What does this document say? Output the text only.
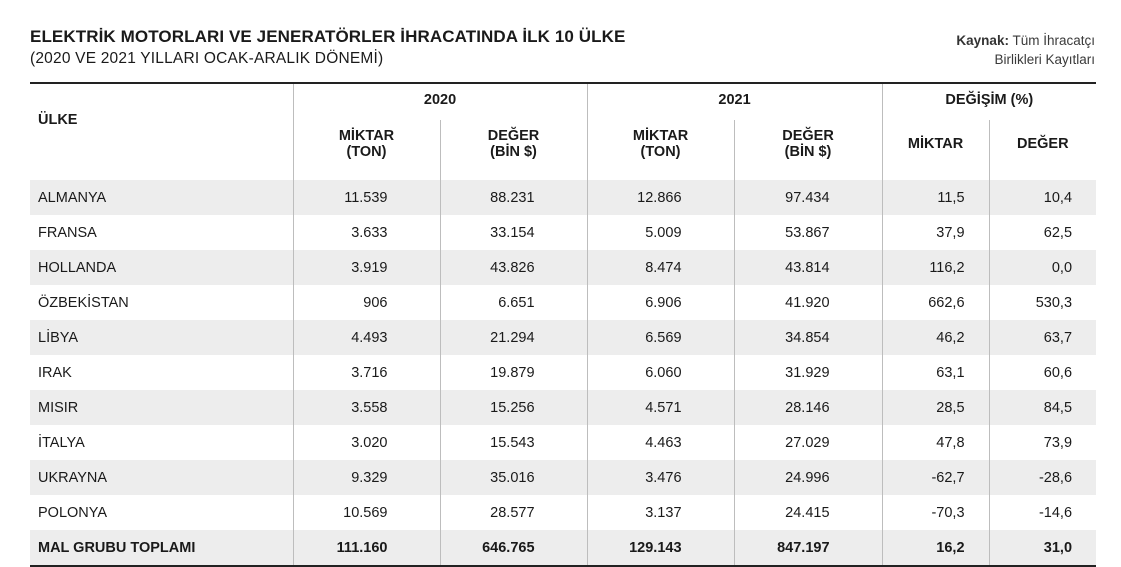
ELEKTRİK MOTORLARI VE JENERATÖRLER İHRACATINDA İLK 10 ÜLKE
(2020 VE 2021 YILLARI OCAK-ARALIK DÖNEMİ)
Kaynak: Tüm İhracatçı
Birlikleri Kayıtları
ÜLKE	2020		2021		DEĞİŞİM (%)	
	MİKTAR
(TON)	DEĞER
(BİN $)	MİKTAR
(TON)	DEĞER
(BİN $)	MİKTAR	DEĞER
ALMANYA	11.539	88.231	12.866	97.434	11,5	10,4
FRANSA	3.633	33.154	5.009	53.867	37,9	62,5
HOLLANDA	3.919	43.826	8.474	43.814	116,2	0,0
ÖZBEKİSTAN	906	6.651	6.906	41.920	662,6	530,3
LİBYA	4.493	21.294	6.569	34.854	46,2	63,7
IRAK	3.716	19.879	6.060	31.929	63,1	60,6
MISIR	3.558	15.256	4.571	28.146	28,5	84,5
İTALYA	3.020	15.543	4.463	27.029	47,8	73,9
UKRAYNA	9.329	35.016	3.476	24.996	-62,7	-28,6
POLONYA	10.569	28.577	3.137	24.415	-70,3	-14,6
MAL GRUBU TOPLAMI	111.160	646.765	129.143	847.197	16,2	31,0
